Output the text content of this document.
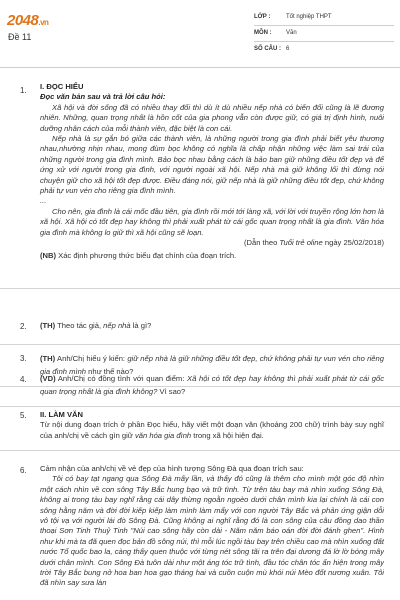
2048.vn
Đề 11
LỚP :	Tốt nghiệp THPT
MÔN : Văn
SỐ CÂU : 6
1. I. ĐỌC HIỂU

Đọc văn bản sau và trả lời câu hỏi:

Xã hội và đời sống đã có nhiều thay đổi thì dù ít dù nhiều nếp nhà có biến đổi cũng là lẽ đương nhiên. Những, quan trọng nhất là hồn cốt của gia phong vẫn còn được giữ, có giá trị định hình, nuôi dưỡng nhân cách của mỗi thành viên, đặc biệt là con cái.

Nếp nhà là sự gắn bó giữa các thành viên, là những người trong gia đình phải biết yêu thương nhau,nhường nhịn nhau, mong đùm bọc không có nghĩa là chấp nhận những việc làm sai trái của những người trong gia đình mình. Bảo bọc nhau bằng cách là bảo ban giữ những điều tốt đẹp và để ứng xử với người trong gia đình, với người ngoài xã hội. Nếp nhà mà giữ không lối thì đừng nói chuyện giữ cho xã hội tốt đẹp được. Điều đáng nói, giữ nếp nhà là giữ những điều tốt đẹp, chứ không phải tự vun vén cho riêng gia đình mình.

...

Cho nên, gia đình là cái mốc đầu tiên, gia đình rồi mới tới làng xã, với lời với truyền rộng lớn hơn là xã hội. Xã hội có tốt đẹp hay không thì phải xuất phát từ cái gốc quan trọng nhất là gia đình. Văn hóa gia đình mà không lo giữ thì xã hội cũng sẽ loạn.

(Dẫn theo Tuổi trẻ oline ngày 25/02/2018)

(NB) Xác định phương thức biểu đạt chính của đoạn trích.

2. (TH) Theo tác giả, nếp nhà là gì?

3. (TH) Anh/Chị hiểu ý kiến: giữ nếp nhà là giữ những điều tốt đẹp, chứ không phải tự vun vén cho riêng gia đình mình như thế nào?

4. (VD) Anh/Chị có đồng tình với quan điểm: Xã hội có tốt đẹp hay không thì phải xuất phát từ cái gốc quan trọng nhất là gia đình không? Vì sao?

5. II. LÀM VĂN

Từ nội dung đoạn trích ở phần Đọc hiểu, hãy viết một đoạn văn (khoảng 200 chữ) trình bày suy nghĩ của anh/chị về cách gìn giữ văn hóa gia đình trong xã hội hiện đại.

6. Cảm nhận của anh/chị về vẻ đẹp của hình tượng Sông Đà qua đoạn trích sau:

Tôi có bay tạt ngang qua Sông Đà mấy lần, và thấy đó cũng là thêm cho mình một góc độ nhìn một cách nhìn về con sông Tây Bắc hung bạo và trữ tình. Từ trên tàu bay mà nhìn xuống Sông Đà, không ai trong tàu bay nghĩ rằng cái dây thừng ngoằn ngoèo dưới chân mình kia lại chính là cái con sông hằng năm và đời đời kiếp kiếp làm mình làm mẩy với con người Tây Bắc và phản ứng giận dỗi vô tội vạ với người lái đò Sông Đà. Cũng không ai nghĩ rằng đó là con sông của câu đồng dao thần thoại Sơn Tinh Thuỷ Tinh "Núi cao sông hãy còn dài - Năm năm báo oán đời đời đánh ghen". Hình như khi mà ta đã quen đọc bản đồ sông núi, thì mỗi lúc ngồi tàu bay trên chiều cao mà nhìn xuống đất nước Tổ quốc bao la, càng thấy quen thuộc với từng nét sông tãi ra trên đại dương đá lờ lờ bóng mây dưới chân mình. Con Sông Đà tuôn dài như một áng tóc trữ tình, đầu tóc chân tóc ẩn hiện trong mây trời Tây Bắc bung nở hoa ban hoa gạo tháng hai và cuồn cuộn mù khói núi Mèo đốt nương xuân. Tôi đã nhìn say sưa làn
